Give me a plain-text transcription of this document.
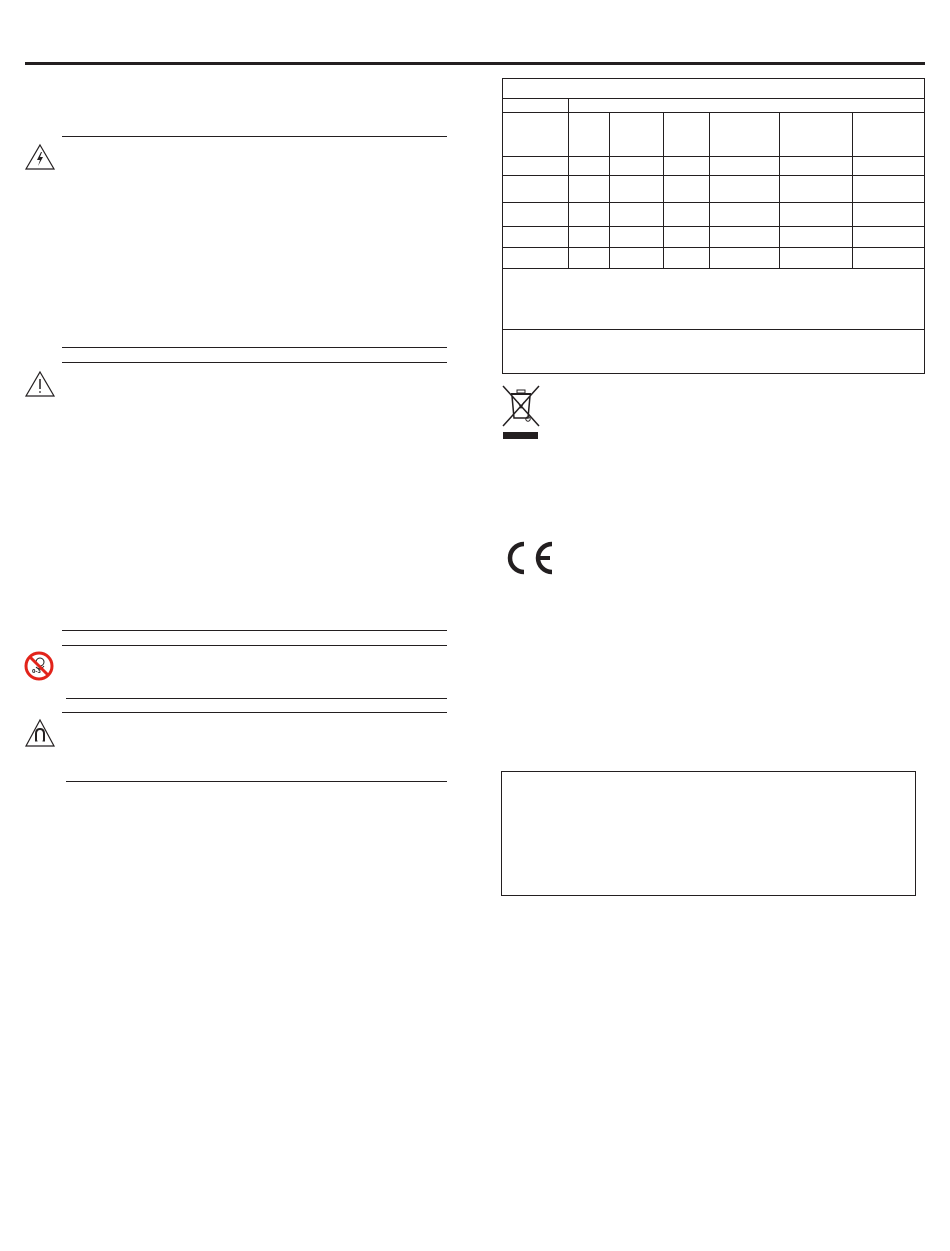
0-3
